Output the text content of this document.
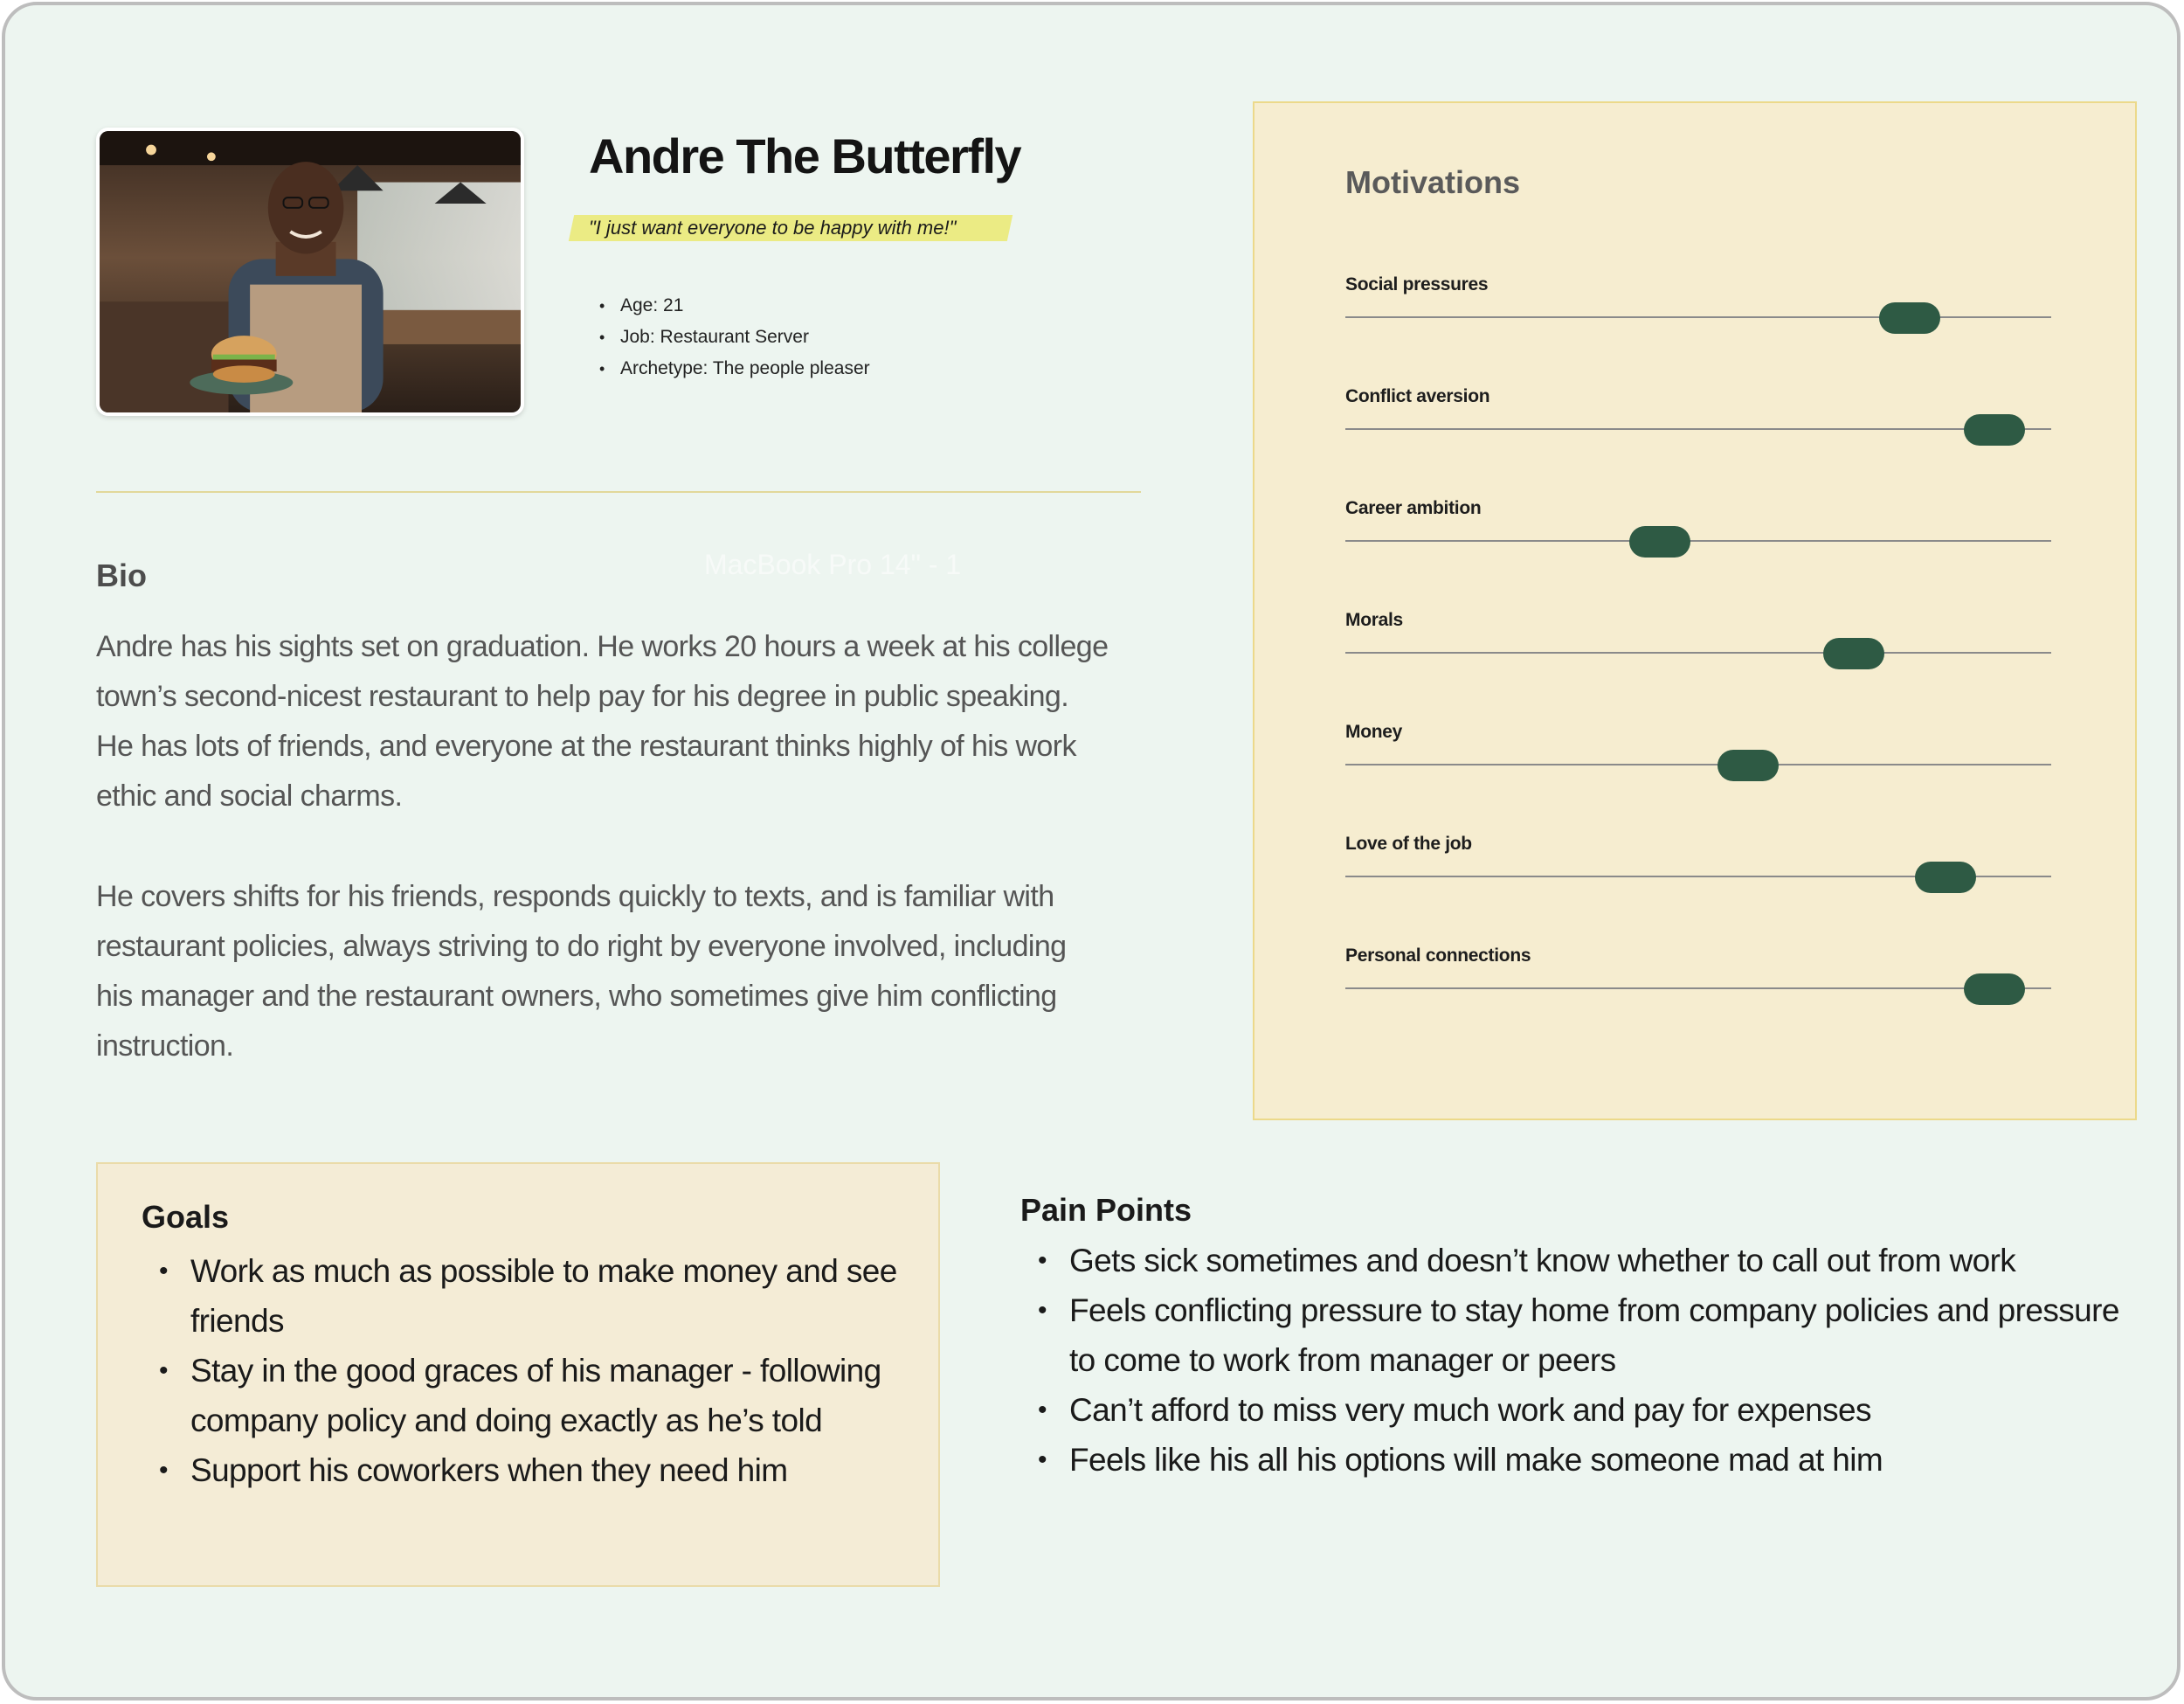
Andre The Butterfly
"I just want everyone to be happy with me!"
• Age: 21
• Job: Restaurant Server
• Archetype: The people pleaser
Bio	MacBook Pro 14" - 1

Andre has his sights set on graduation. He works 20 hours a week at his college town’s second-nicest restaurant to help pay for his degree in public speaking. He has lots of friends, and everyone at the restaurant thinks highly of his work ethic and social charms.

He covers shifts for his friends, responds quickly to texts, and is familiar with restaurant policies, always striving to do right by everyone involved, including his manager and the restaurant owners, who sometimes give him conflicting instruction.

Motivations
Social pressures
Conflict aversion
Career ambition
Morals
Money
Love of the job
Personal connections
Goals
• Work as much as possible to make money and see friends
• Stay in the good graces of his manager - following company policy and doing exactly as he’s told
• Support his coworkers when they need him
Pain Points
• Gets sick sometimes and doesn’t know whether to call out from work
• Feels conflicting pressure to stay home from company policies and pressure to come to work from manager or peers
• Can’t afford to miss very much work and pay for expenses
• Feels like his all his options will make someone mad at him
